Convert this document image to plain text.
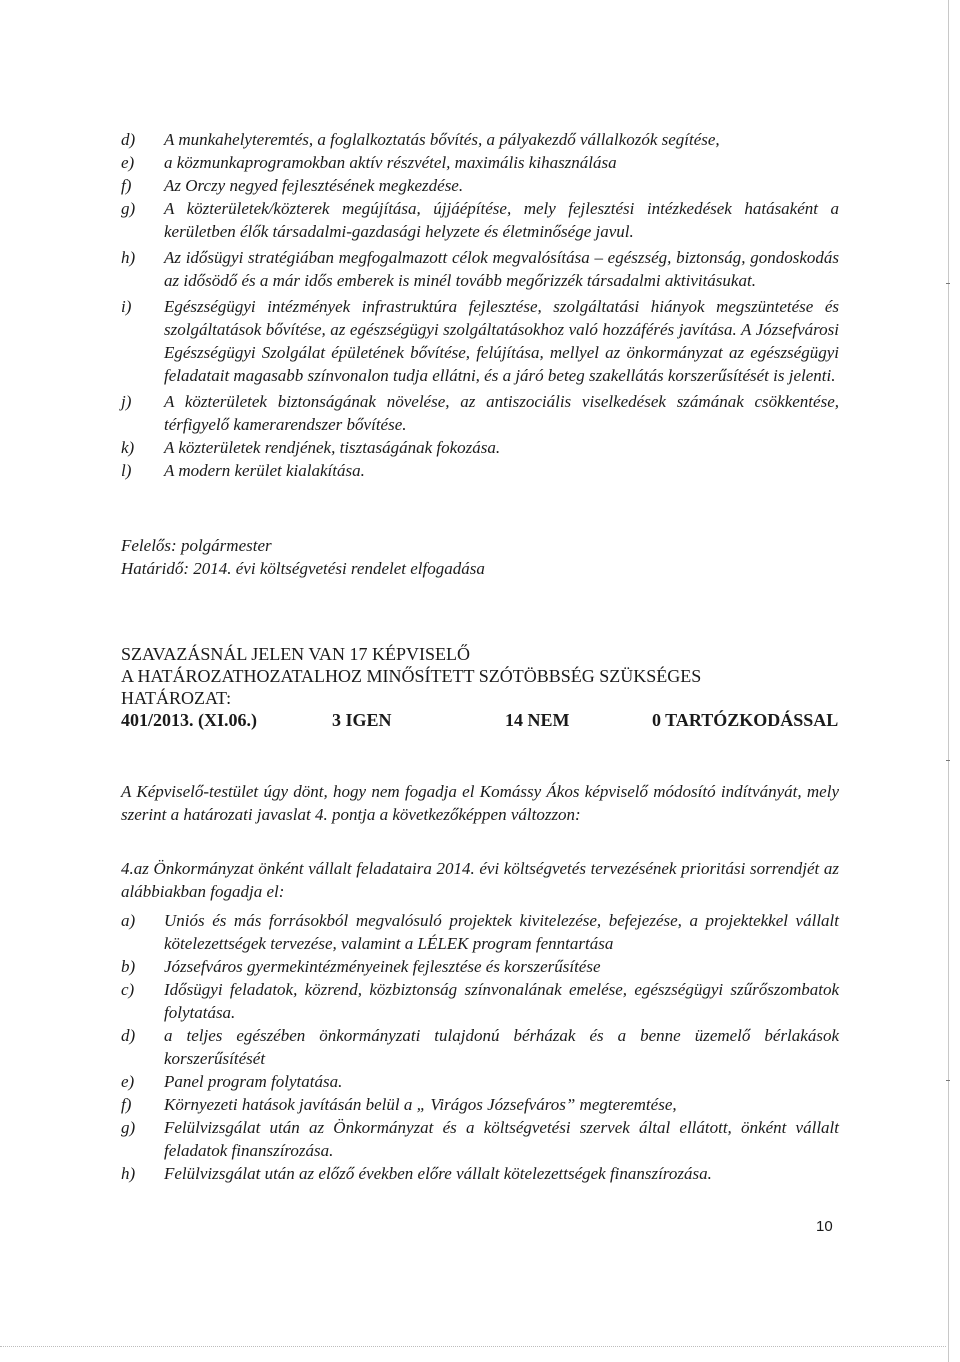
d) A munkahelyteremtés, a foglalkoztatás bővítés, a pályakezdő vállalkozók segítése,
e) a közmunkaprogramokban aktív részvétel, maximális kihasználása
f) Az Orczy negyed fejlesztésének megkezdése.
g) A közterületek/közterek megújítása, újjáépítése, mely fejlesztési intézkedések hatásaként a kerületben élők társadalmi-gazdasági helyzete és életminősége javul.
h) Az idősügyi stratégiában megfogalmazott célok megvalósítása – egészség, biztonság, gondoskodás az idősödő és a már idős emberek is minél tovább megőrizzék társadalmi aktivitásukat.
i) Egészségügyi intézmények infrastruktúra fejlesztése, szolgáltatási hiányok megszüntetése és szolgáltatások bővítése, az egészségügyi szolgáltatásokhoz való hozzáférés javítása. A Józsefvárosi Egészségügyi Szolgálat épületének bővítése, felújítása, mellyel az önkormányzat az egészségügyi feladatait magasabb színvonalon tudja ellátni, és a járó beteg szakellátás korszerűsítését is jelenti.
j) A közterületek biztonságának növelése, az antiszociális viselkedések számának csökkentése, térfigyelő kamerarendszer bővítése.
k) A közterületek rendjének, tisztaságának fokozása.
l) A modern kerület kialakítása.
Felelős: polgármester
Határidő: 2014. évi költségvetési rendelet elfogadása
SZAVAZÁSNÁL JELEN VAN 17 KÉPVISELŐ
A HATÁROZATHOZATALHOZ MINŐSÍTETT SZÓTÖBBSÉG SZÜKSÉGES
HATÁROZAT:
401/2013. (XI.06.)	3 IGEN	14 NEM	0 TARTÓZKODÁSSAL
A Képviselő-testület úgy dönt, hogy nem fogadja el Komássy Ákos képviselő módosító indítványát, mely szerint a határozati javaslat 4. pontja a következőképpen változzon:
4.az Önkormányzat önként vállalt feladataira 2014. évi költségvetés tervezésének prioritási sorrendjét az alábbiakban fogadja el:
a) Uniós és más forrásokból megvalósuló projektek kivitelezése, befejezése, a projektekkel vállalt kötelezettségek tervezése, valamint a LÉLEK program fenntartása
b) Józsefváros gyermekintézményeinek fejlesztése és korszerűsítése
c) Idősügyi feladatok, közrend, közbiztonság színvonalának emelése, egészségügyi szűrőszombatok folytatása.
d) a teljes egészében önkormányzati tulajdonú bérházak és a benne üzemelő bérlakások korszerűsítését
e) Panel program folytatása.
f) Környezeti hatások javításán belül a „ Virágos Józsefváros” megteremtése,
g) Felülvizsgálat után az Önkormányzat és a költségvetési szervek által ellátott, önként vállalt feladatok finanszírozása.
h) Felülvizsgálat után az előző években előre vállalt kötelezettségek finanszírozása.
10
